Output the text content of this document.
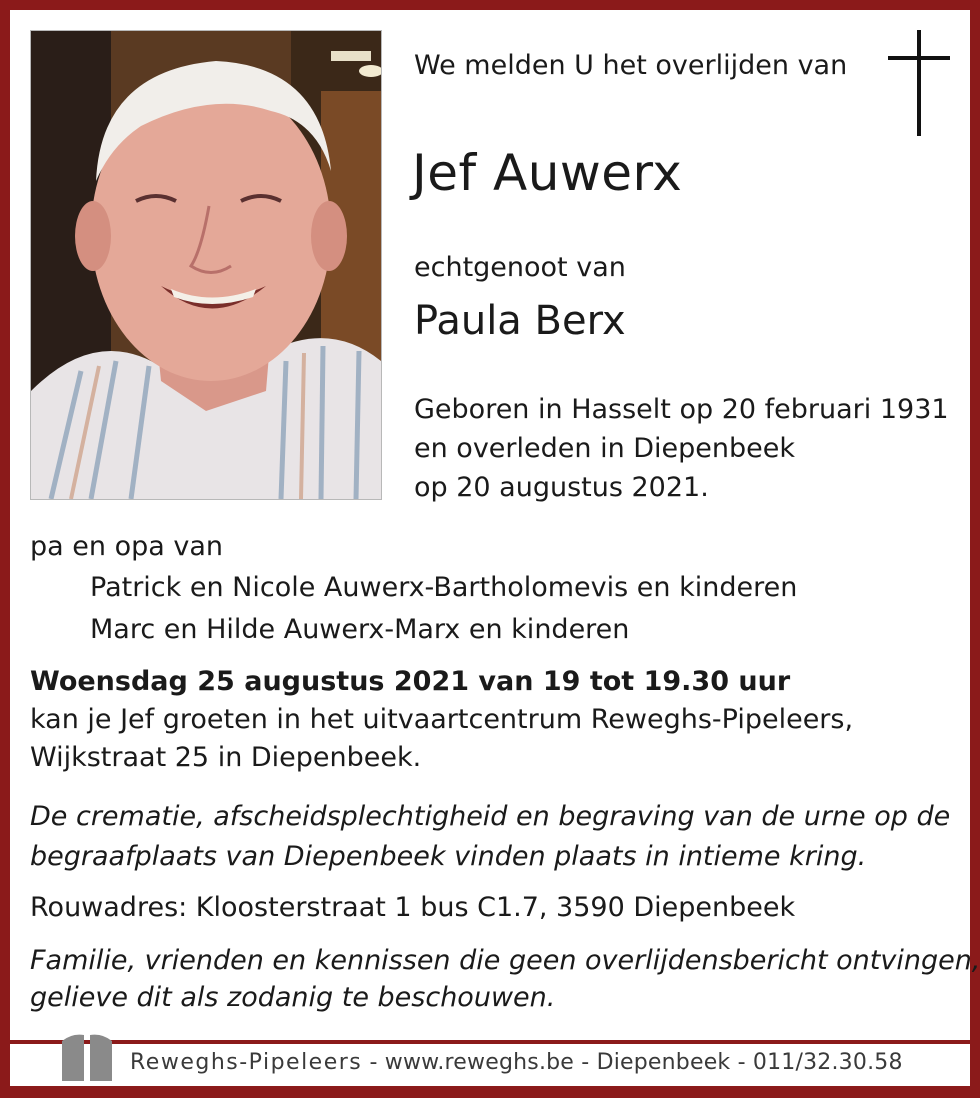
We melden U het overlijden van
Jef Auwerx
echtgenoot van
Paula Berx
Geboren in Hasselt op 20 februari 1931
en overleden in Diepenbeek
op 20 augustus 2021.
pa en opa van
Patrick en Nicole Auwerx-Bartholomevis en kinderen
Marc en Hilde Auwerx-Marx en kinderen
Woensdag 25 augustus 2021 van 19 tot 19.30 uur
kan je Jef groeten in het uitvaartcentrum Reweghs-Pipeleers,
Wijkstraat 25 in Diepenbeek.
De crematie, afscheidsplechtigheid en begraving van de urne op de
begraafplaats van Diepenbeek vinden plaats in intieme kring.
Rouwadres: Kloosterstraat 1 bus C1.7, 3590 Diepenbeek
Familie, vrienden en kennissen die geen overlijdensbericht ontvingen,
gelieve dit als zodanig te beschouwen.
Reweghs-Pipeleers - www.reweghs.be - Diepenbeek - 011/32.30.58
